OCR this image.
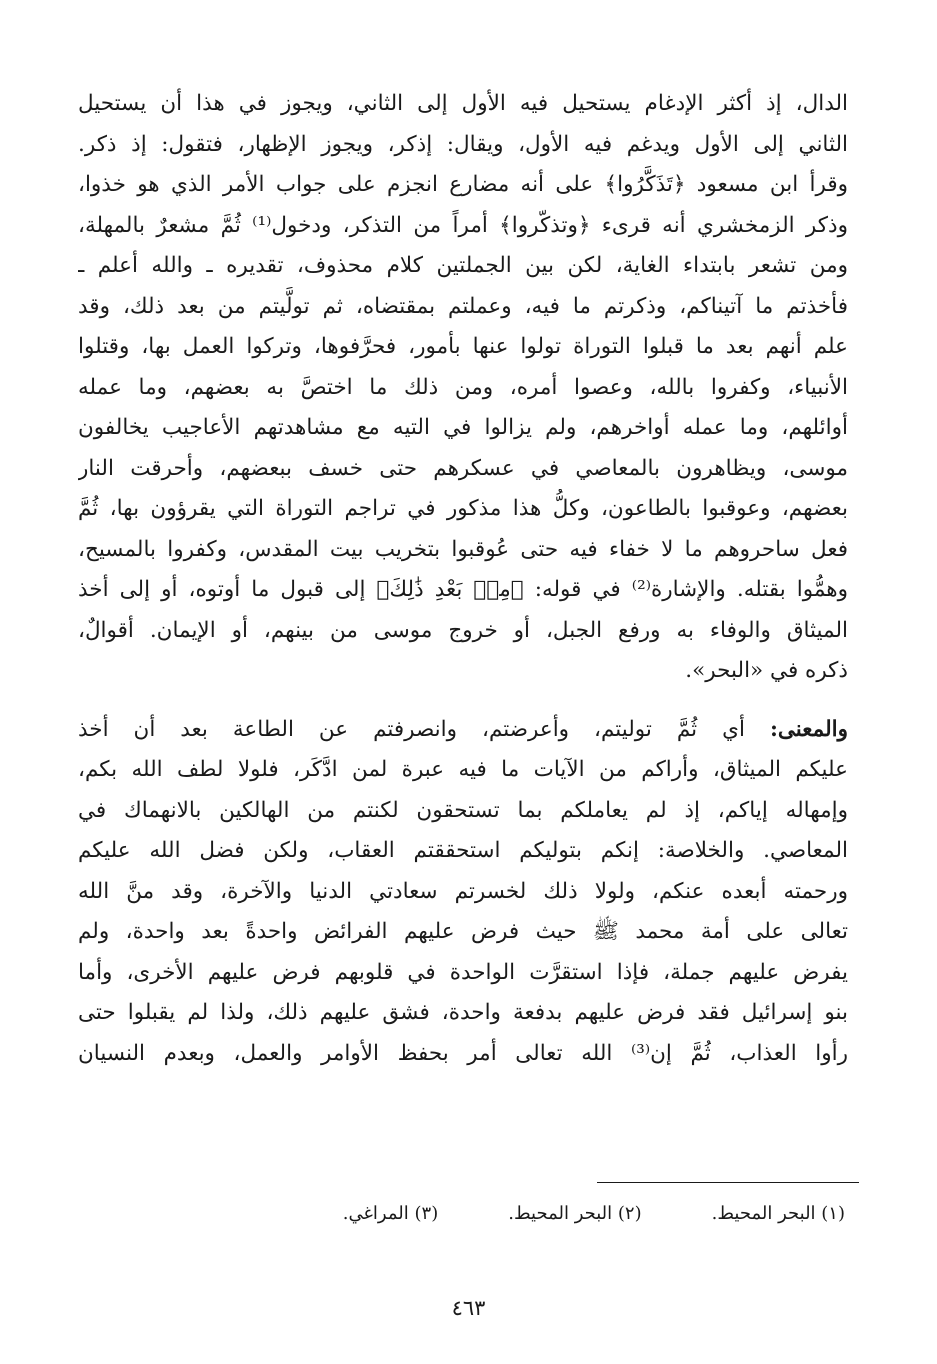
الدال، إذ أكثر الإدغام يستحيل فيه الأول إلى الثاني، ويجوز في هذا أن يستحيل
الثاني إلى الأول ويدغم فيه الأول، ويقال: إذكر، ويجوز الإظهار، فتقول: إذ ذكر.
وقرأ ابن مسعود ﴿تَذَكَّرُوا﴾ على أنه مضارع انجزم على جواب الأمر الذي هو خذوا،
وذكر الزمخشري أنه قرىء ﴿وتذكّروا﴾ أمراً من التذكر، ودخول⁽¹⁾ ثُمَّ مشعرٌ بالمهلة،
ومن تشعر بابتداء الغاية، لكن بين الجملتين كلام محذوف، تقديره ـ والله أعلم ـ
فأخذتم ما آتيناكم، وذكرتم ما فيه، وعملتم بمقتضاه، ثم تولَّيتم من بعد ذلك، وقد
علم أنهم بعد ما قبلوا التوراة تولوا عنها بأمور، فحرَّفوها، وتركوا العمل بها، وقتلوا
الأنبياء، وكفروا بالله، وعصوا أمره، ومن ذلك ما اختصَّ به بعضهم، وما عمله
أوائلهم، وما عمله أواخرهم، ولم يزالوا في التيه مع مشاهدتهم الأعاجيب يخالفون
موسى، ويظاهرون بالمعاصي في عسكرهم حتى خسف ببعضهم، وأحرقت النار
بعضهم، وعوقبوا بالطاعون، وكلُّ هذا مذكور في تراجم التوراة التي يقرؤون بها، ثُمَّ
فعل ساحروهم ما لا خفاء فيه حتى عُوقبوا بتخريب بيت المقدس، وكفروا بالمسيح،
وهمُّوا بقتله. والإشارة⁽²⁾ في قوله: ﴿مِنۢ بَعْدِ ذَٰلِكَ﴾ إلى قبول ما أوتوه، أو إلى أخذ
الميثاق والوفاء به ورفع الجبل، أو خروج موسى من بينهم، أو الإيمان. أقوالٌ،
ذكره في «البحر».
والمعنى: أي ثُمَّ توليتم، وأعرضتم، وانصرفتم عن الطاعة بعد أن أخذ
عليكم الميثاق، وأراكم من الآيات ما فيه عبرة لمن ادَّكَر، فلولا لطف الله بكم،
وإمهاله إياكم، إذ لم يعاملكم بما تستحقون لكنتم من الهالكين بالانهماك في
المعاصي. والخلاصة: إنكم بتوليكم استحققتم العقاب، ولكن فضل الله عليكم
ورحمته أبعده عنكم، ولولا ذلك لخسرتم سعادتي الدنيا والآخرة، وقد منَّ الله
تعالى على أمة محمد ﷺ حيث فرض عليهم الفرائض واحدةً بعد واحدة، ولم
يفرض عليهم جملة، فإذا استقرَّت الواحدة في قلوبهم فرض عليهم الأخرى، وأما
بنو إسرائيل فقد فرض عليهم بدفعة واحدة، فشق عليهم ذلك، ولذا لم يقبلوا حتى
رأوا العذاب، ثُمَّ إن⁽³⁾ الله تعالى أمر بحفظ الأوامر والعمل، وبعدم النسيان
(١) البحر المحيط.
(٢) البحر المحيط.
(٣) المراغي.
٤٦٣
